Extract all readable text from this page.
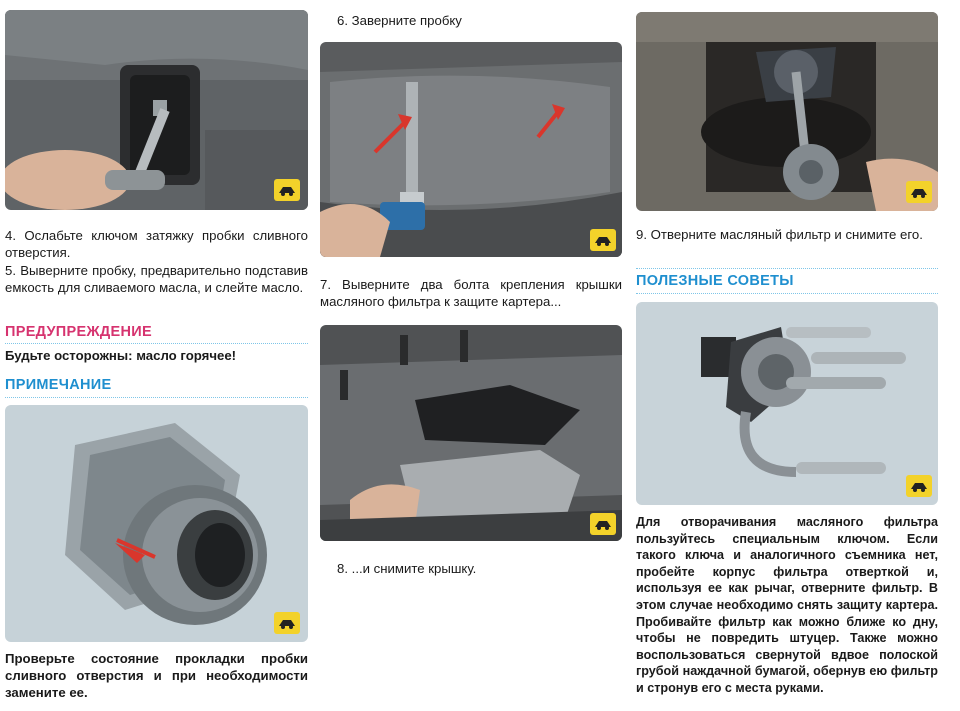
4. Ослабьте ключом затяжку пробки сливного отверстия.
5. Выверните пробку, предварительно подставив емкость для сливаемого масла, и слейте масло.
ПРЕДУПРЕЖДЕНИЕ
Будьте осторожны: масло горячее!
ПРИМЕЧАНИЕ
Проверьте состояние прокладки пробки сливного отверстия и при необходимости замените ее.
6. Заверните пробку
7. Выверните два болта крепления крышки масляного фильтра к защите картера...
8. ...и снимите крышку.
9. Отверните масляный фильтр и снимите его.
ПОЛЕЗНЫЕ СОВЕТЫ
Для отворачивания масляного фильтра пользуйтесь специальным ключом. Если такого ключа и аналогичного съемника нет, пробейте корпус фильтра отверткой и, используя ее как рычаг, отверните фильтр. В этом случае необходимо снять защиту картера. Пробивайте фильтр как можно ближе ко дну, чтобы не повредить штуцер. Также можно воспользоваться свернутой вдвое полоской грубой наждачной бумагой, обернув ею фильтр и стронув его с места руками.
